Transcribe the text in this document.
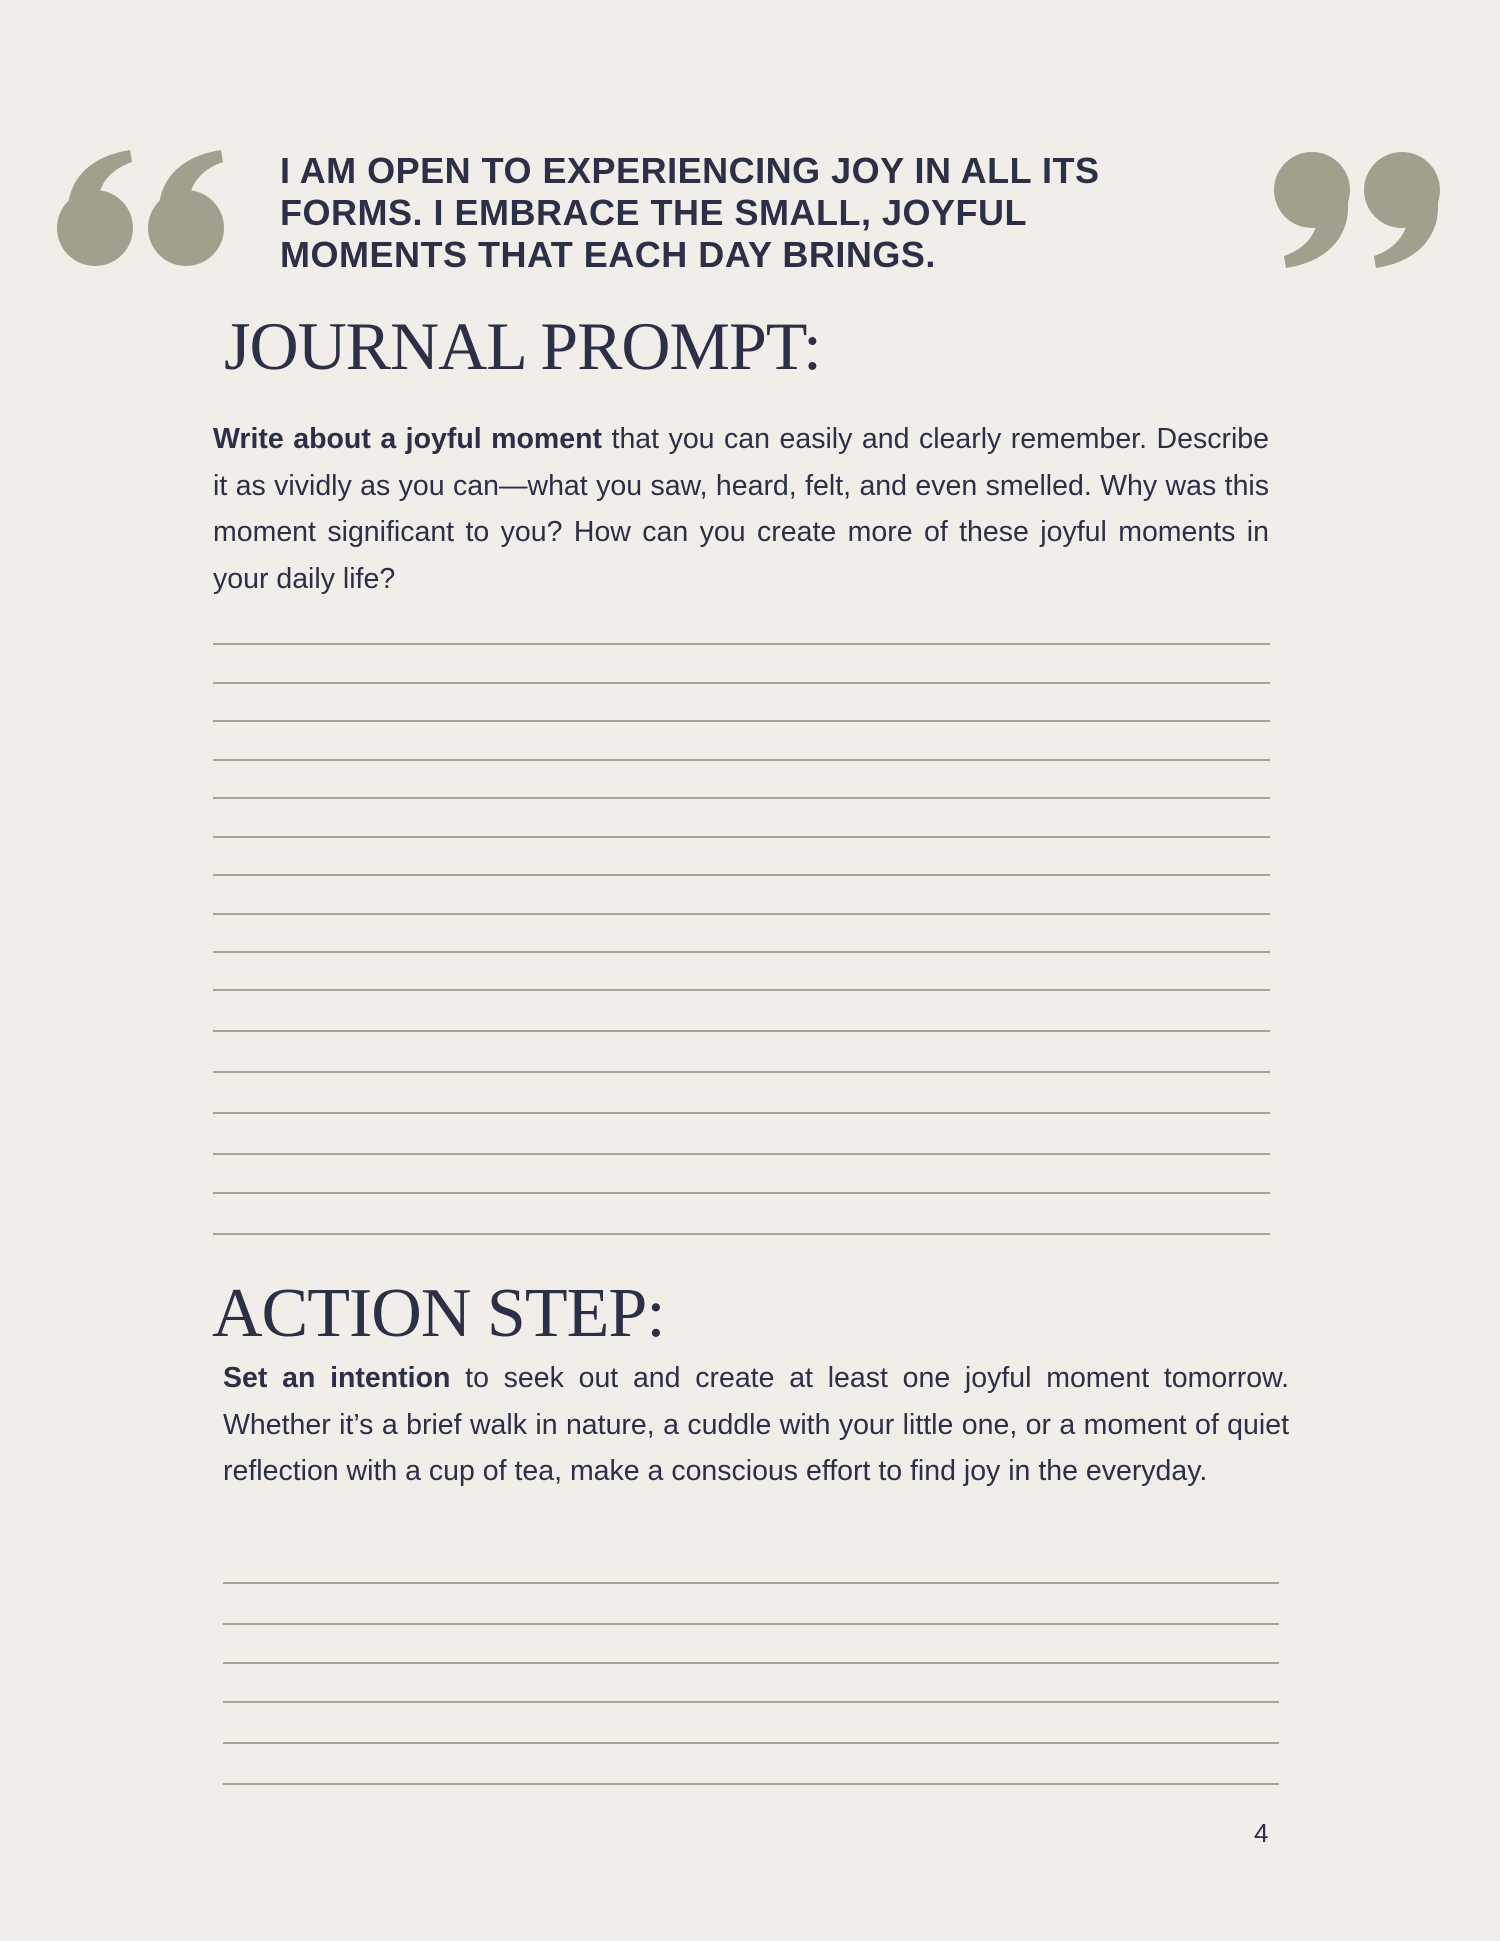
I AM OPEN TO EXPERIENCING JOY IN ALL ITS FORMS. I EMBRACE THE SMALL, JOYFUL MOMENTS THAT EACH DAY BRINGS.
JOURNAL PROMPT:

Write about a joyful moment that you can easily and clearly remember. Describe it as vividly as you can—what you saw, heard, felt, and even smelled. Why was this moment significant to you? How can you create more of these joyful moments in your daily life?

ACTION STEP:

Set an intention to seek out and create at least one joyful moment tomorrow. Whether it’s a brief walk in nature, a cuddle with your little one, or a moment of quiet reflection with a cup of tea, make a conscious effort to find joy in the everyday.

4
